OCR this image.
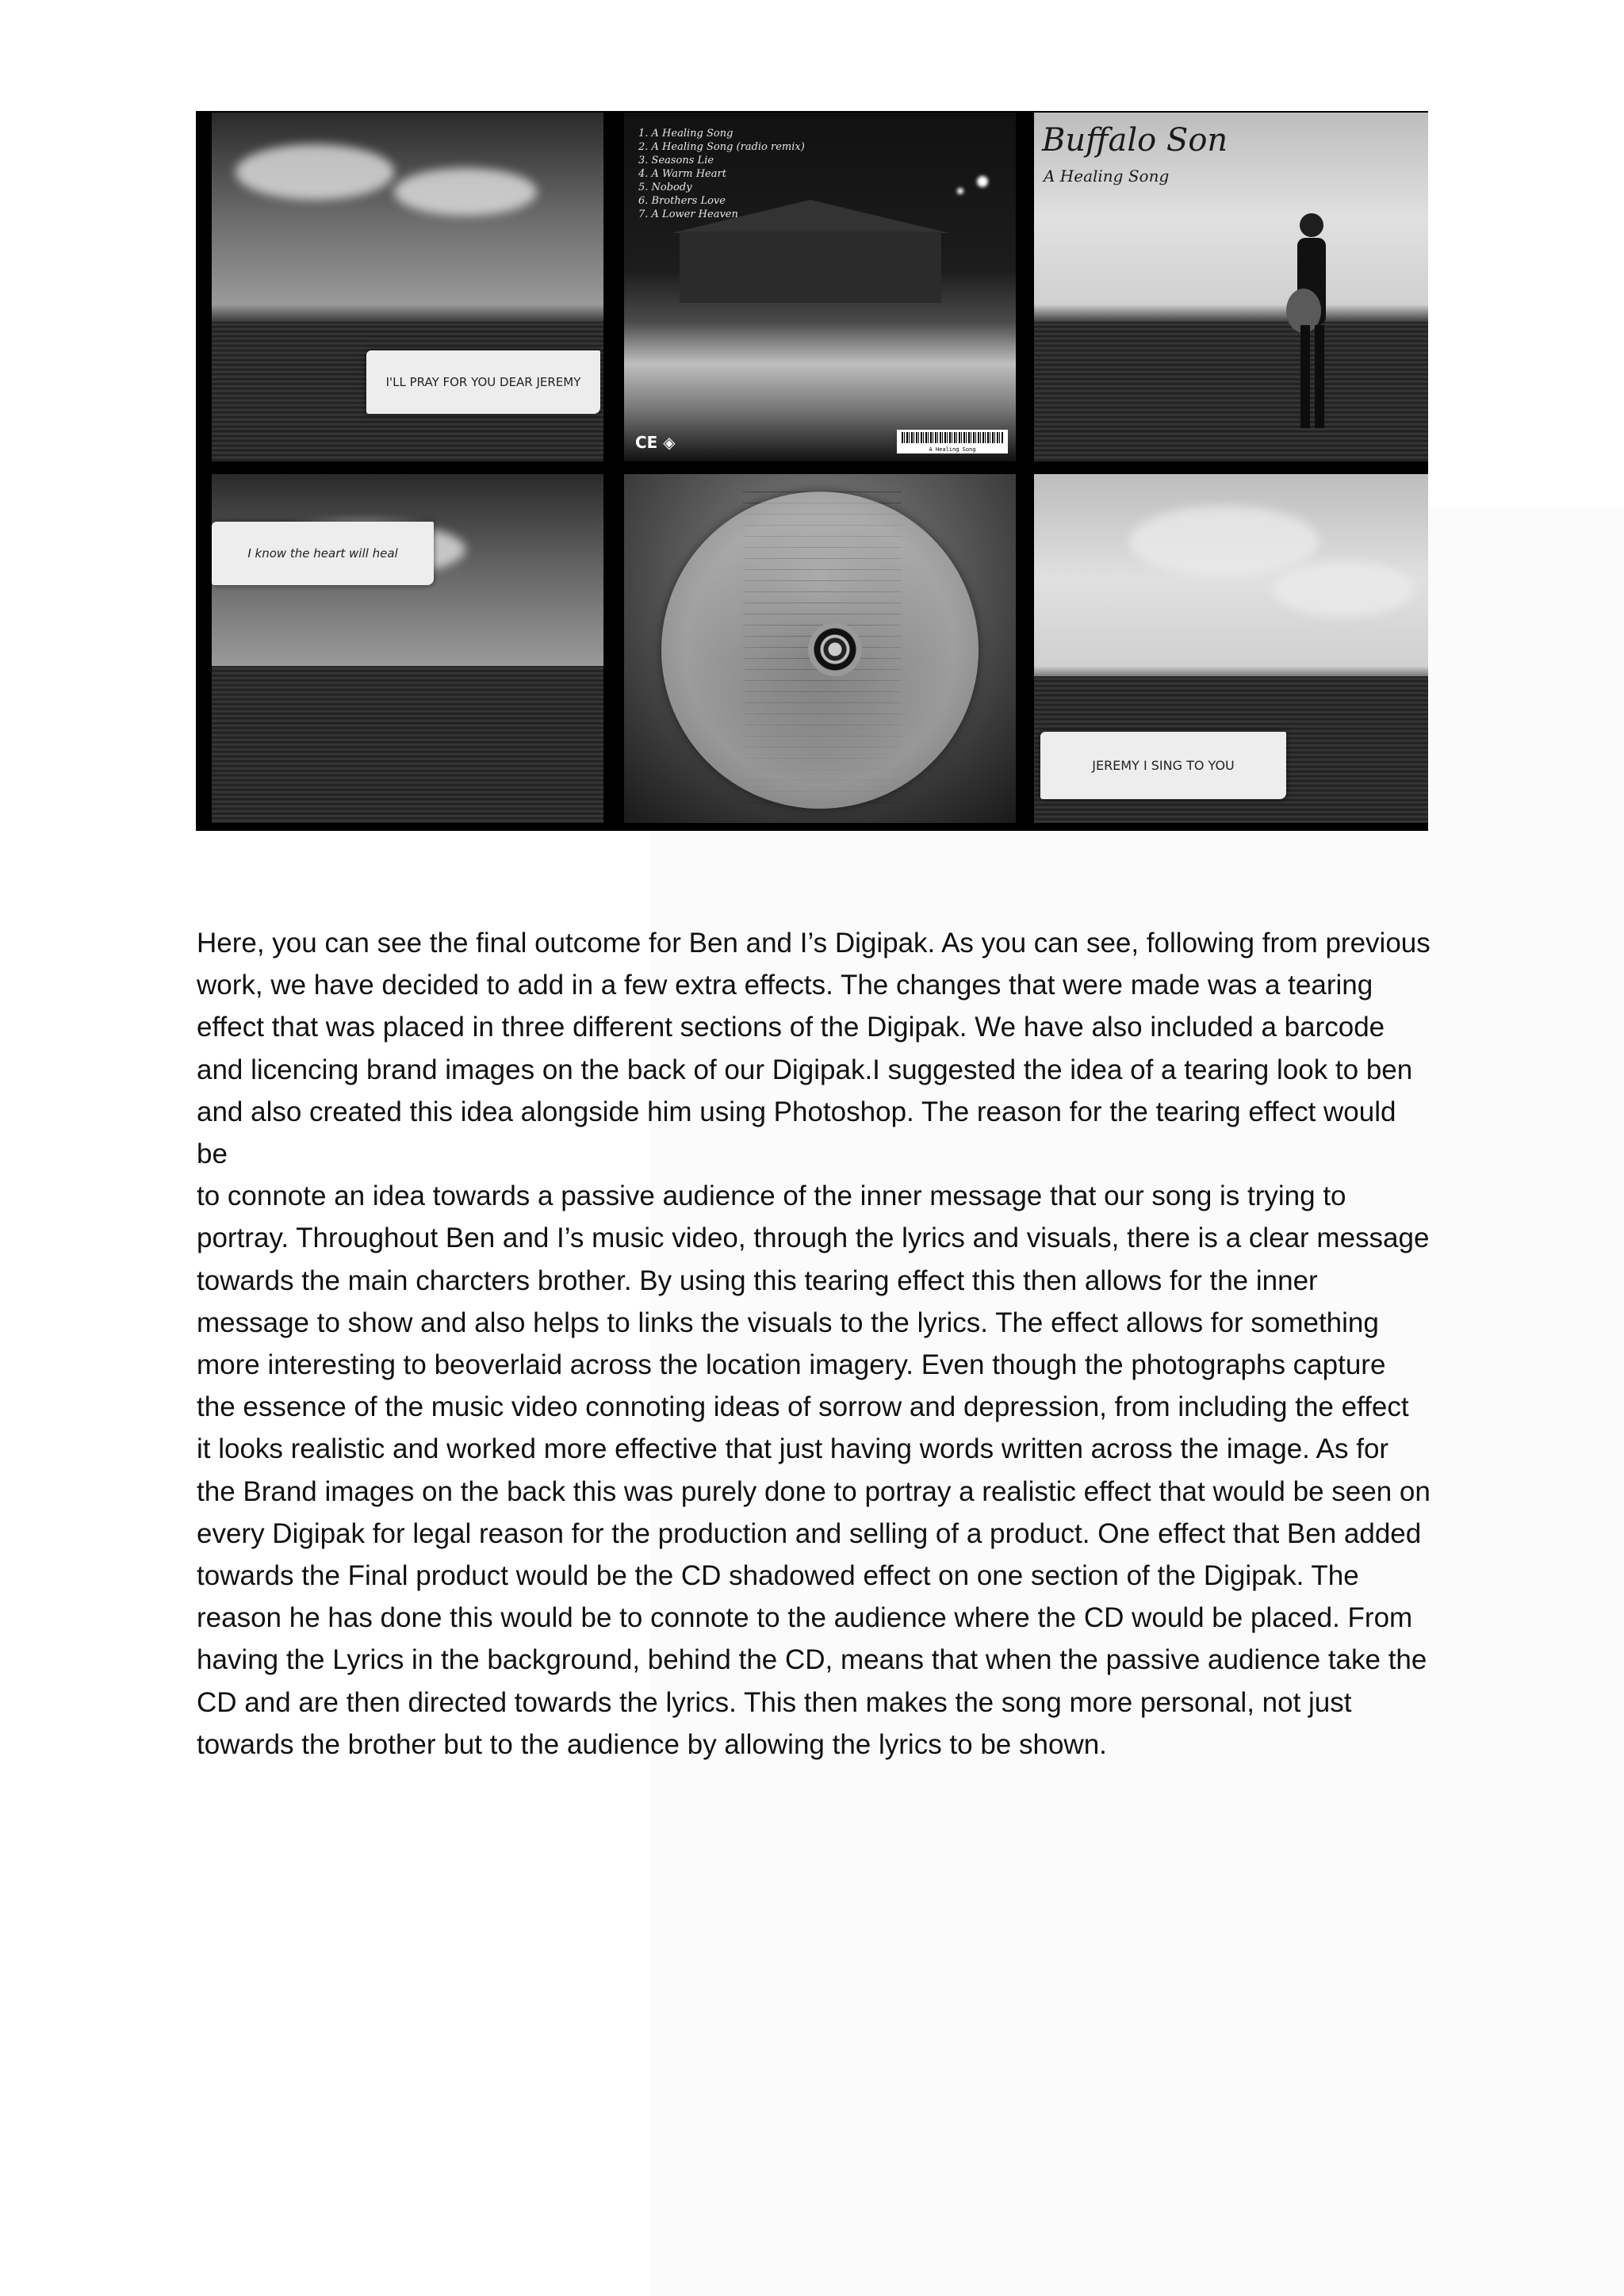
I'LL PRAY FOR YOU DEAR JEREMY
1. A Healing Song
2. A Healing Song (radio remix)
3. Seasons Lie
4. A Warm Heart
5. Nobody
6. Brothers Love
7. A Lower Heaven
CE ◈	A Healing Song
Buffalo Son
A Healing Song
I know the heart will heal
JEREMY I SING TO YOU

Here, you can see the final outcome for Ben and I’s Digipak. As you can see, following from previous
work, we have decided to add in a few extra effects. The changes that were made was a tearing
effect that was placed in three different sections of the Digipak. We have also included a barcode
and licencing brand images on the back of our Digipak.I suggested the idea of a tearing look to ben
and also created this idea alongside him using Photoshop. The reason for the tearing effect would be
to connote an idea towards a passive audience of the inner message that our song is trying to
portray. Throughout Ben and I’s music video, through the lyrics and visuals, there is a clear message
towards the main charcters brother. By using this tearing effect this then allows for the inner
message to show and also helps to links the visuals to the lyrics. The effect allows for something
more interesting to beoverlaid across the location imagery. Even though the photographs capture
the essence of the music video connoting ideas of sorrow and depression, from including the effect
it looks realistic and worked more effective that just having words written across the image. As for
the Brand images on the back this was purely done to portray a realistic effect that would be seen on
every Digipak for legal reason for the production and selling of a product. One effect that Ben added
towards the Final product would be the CD shadowed effect on one section of the Digipak. The
reason he has done this would be to connote to the audience where the CD would be placed. From
having the Lyrics in the background, behind the CD, means that when the passive audience take the
CD and are then directed towards the lyrics. This then makes the song more personal, not just
towards the brother but to the audience by allowing the lyrics to be shown.
